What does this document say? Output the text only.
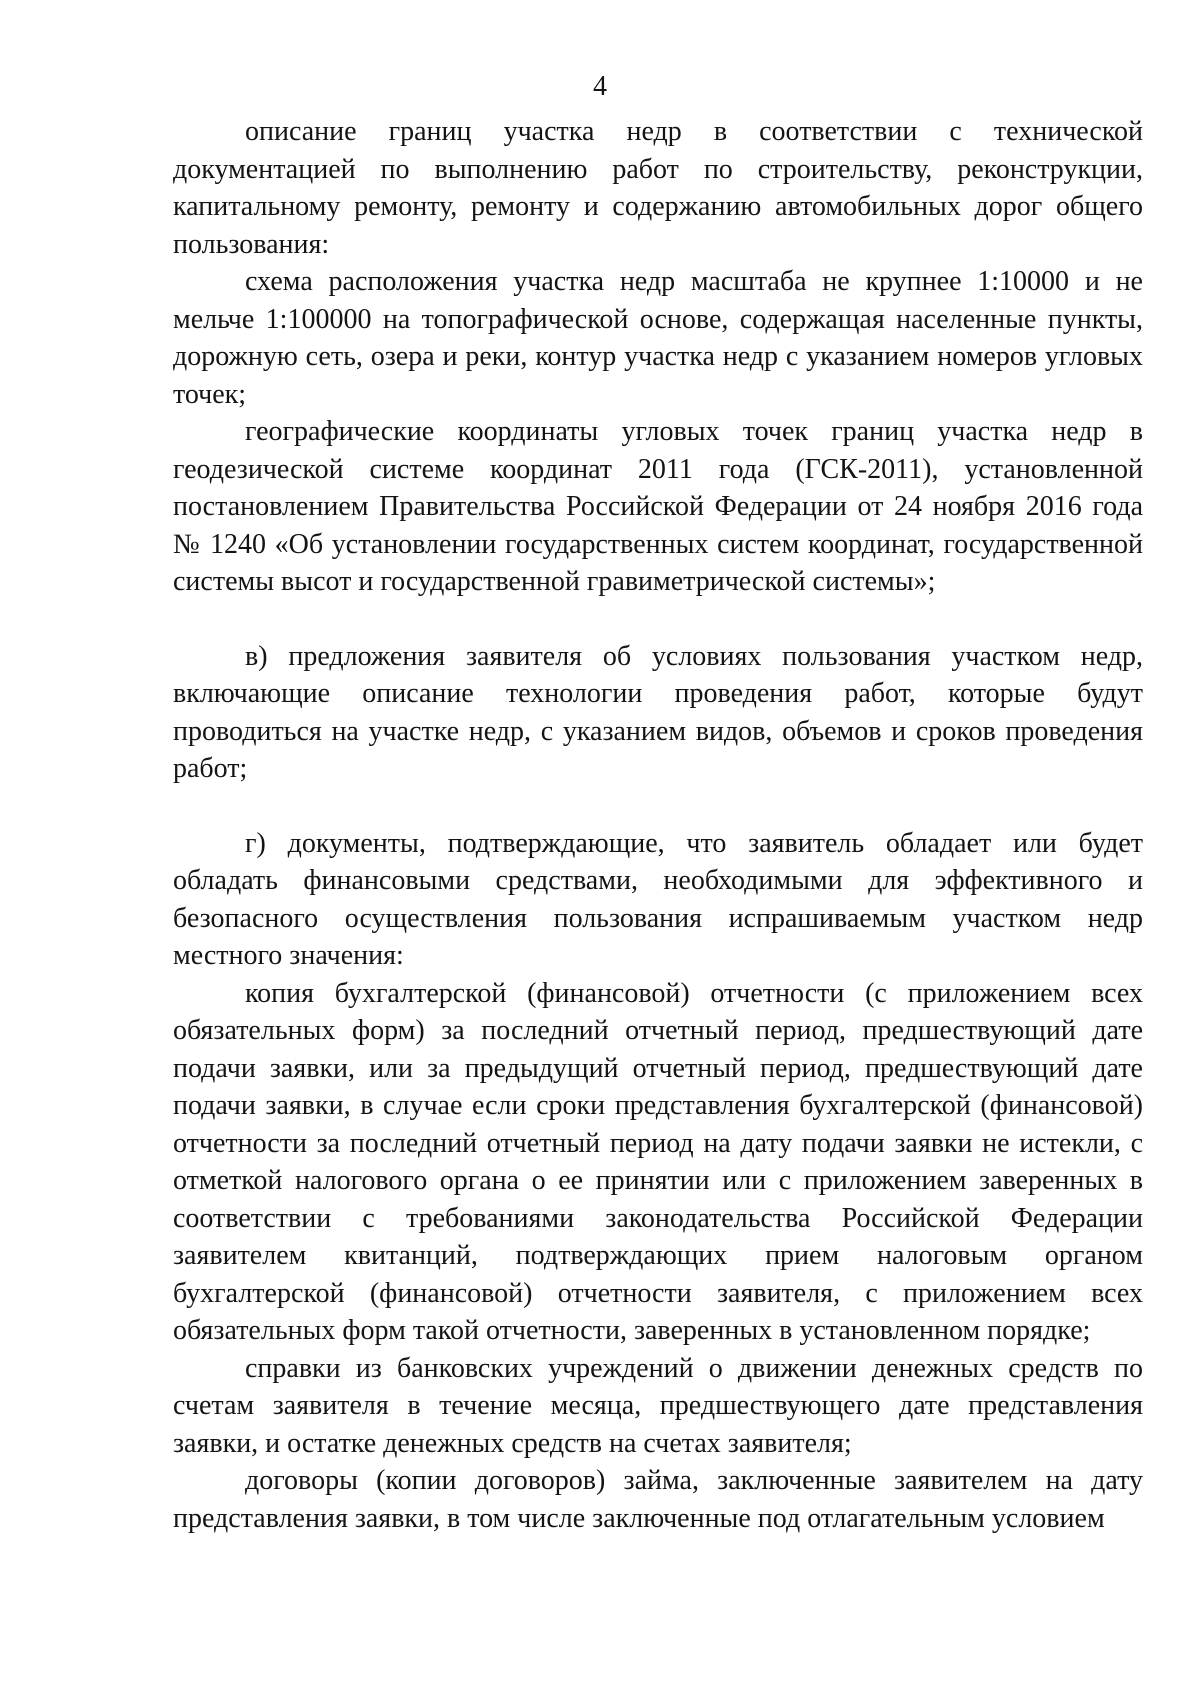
4

описание границ участка недр в соответствии с технической документацией по выполнению работ по строительству, реконструкции, капитальному ремонту, ремонту и содержанию автомобильных дорог общего пользования:

схема расположения участка недр масштаба не крупнее 1:10000 и не мельче 1:100000 на топографической основе, содержащая населенные пункты, дорожную сеть, озера и реки, контур участка недр с указанием номеров угловых точек;

географические координаты угловых точек границ участка недр в геодезической системе координат 2011 года (ГСК-2011), установленной постановлением Правительства Российской Федерации от 24 ноября 2016 года № 1240 «Об установлении государственных систем координат, государственной системы высот и государственной гравиметрической системы»;

в) предложения заявителя об условиях пользования участком недр, включающие описание технологии проведения работ, которые будут проводиться на участке недр, с указанием видов, объемов и сроков проведения работ;

г) документы, подтверждающие, что заявитель обладает или будет обладать финансовыми средствами, необходимыми для эффективного и безопасного осуществления пользования испрашиваемым участком недр местного значения:

копия бухгалтерской (финансовой) отчетности (с приложением всех обязательных форм) за последний отчетный период, предшествующий дате подачи заявки, или за предыдущий отчетный период, предшествующий дате подачи заявки, в случае если сроки представления бухгалтерской (финансовой) отчетности за последний отчетный период на дату подачи заявки не истекли, с отметкой налогового органа о ее принятии или с приложением заверенных в соответствии с требованиями законодательства Российской Федерации заявителем квитанций, подтверждающих прием налоговым органом бухгалтерской (финансовой) отчетности заявителя, с приложением всех обязательных форм такой отчетности, заверенных в установленном порядке;

справки из банковских учреждений о движении денежных средств по счетам заявителя в течение месяца, предшествующего дате представления заявки, и остатке денежных средств на счетах заявителя;

договоры (копии договоров) займа, заключенные заявителем на дату представления заявки, в том числе заключенные под отлагательным условием
